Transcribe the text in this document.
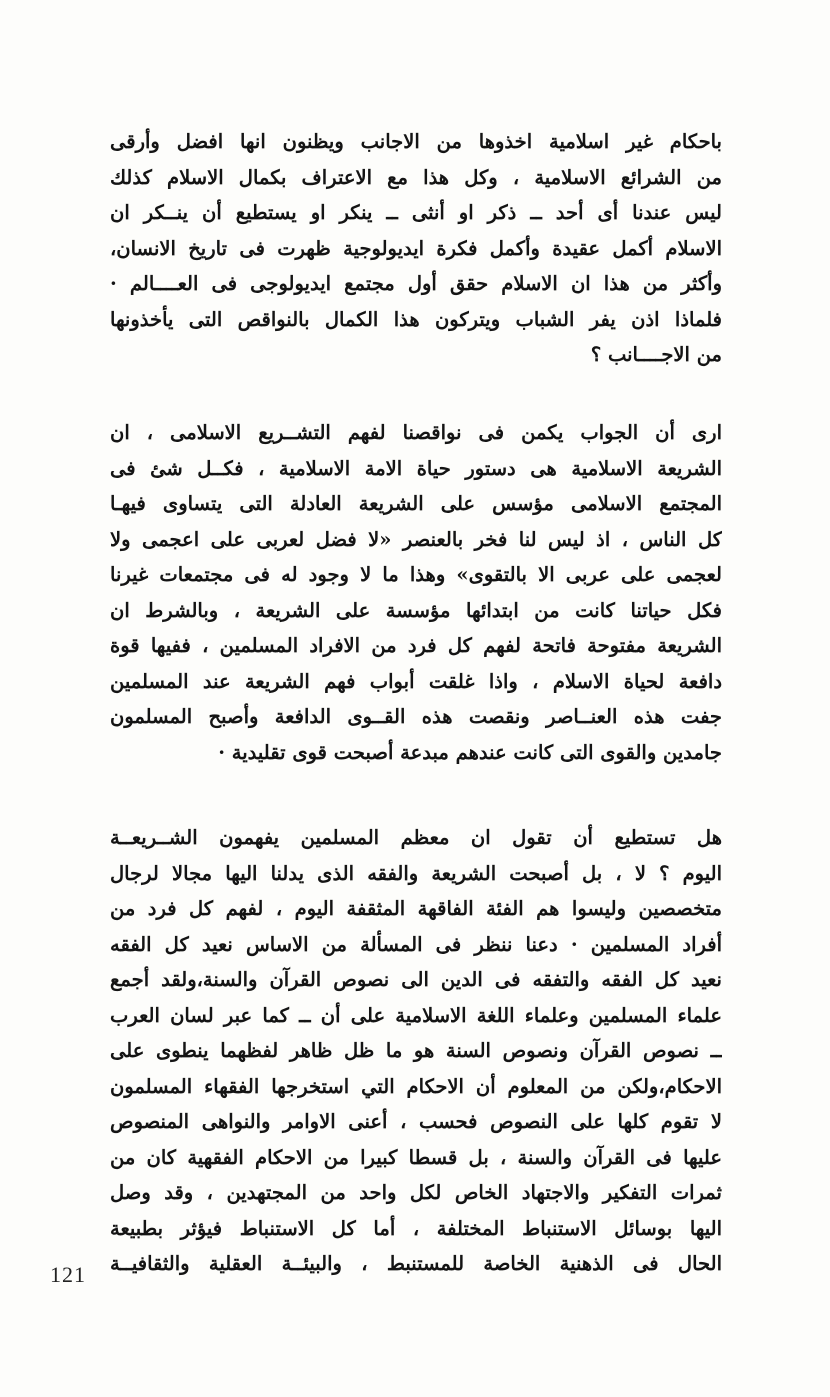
باحكام غير اسلامية اخذوها من الاجانب ويظنون انها افضل وأرقى
من الشرائع الاسلامية ، وكل هذا مع الاعتراف بكمال الاسلام كذلك
ليس عندنا أى أحد ــ ذكر او أنثى ــ ينكر او يستطيع أن ينــكر ان
الاسلام أكمل عقيدة وأكمل فكرة ايديولوجية ظهرت فى تاريخ الانسان،
وأكثر من هذا ان الاسلام حقق أول مجتمع ايديولوجى فى العــــالم ·
فلماذا اذن يفر الشباب ويتركون هذا الكمال بالنواقص التى يأخذونها
من الاجــــانب ؟
ارى أن الجواب يكمن فى نواقصنا لفهم التشــريع الاسلامى ، ان
الشريعة الاسلامية هى دستور حياة الامة الاسلامية ، فكــل شئ فى
المجتمع الاسلامى مؤسس على الشريعة العادلة التى يتساوى فيهـا
كل الناس ، اذ ليس لنا فخر بالعنصر «لا فضل لعربى على اعجمى ولا
لعجمى على عربى الا بالتقوى» وهذا ما لا وجود له فى مجتمعات غيرنا
فكل حياتنا كانت من ابتدائها مؤسسة على الشريعة ، وبالشرط ان
الشريعة مفتوحة فاتحة لفهم كل فرد من الافراد المسلمين ، ففيها قوة
دافعة لحياة الاسلام ، واذا غلقت أبواب فهم الشريعة عند المسلمين
جفت هذه العنــاصر ونقصت هذه القــوى الدافعة وأصبح المسلمون
جامدين والقوى التى كانت عندهم مبدعة أصبحت قوى تقليدية ·
هل تستطيع أن تقول ان معظم المسلمين يفهمون الشــريعــة
اليوم ؟ لا ، بل أصبحت الشريعة والفقه الذى يدلنا اليها مجالا لرجال
متخصصين وليسوا هم الفئة الفاقهة المثقفة اليوم ، لفهم كل فرد من
أفراد المسلمين · دعنا ننظر فى المسألة من الاساس نعيد كل الفقه
نعيد كل الفقه والتفقه فى الدين الى نصوص القرآن والسنة،ولقد أجمع
علماء المسلمين وعلماء اللغة الاسلامية على أن ــ كما عبر لسان العرب
ــ نصوص القرآن ونصوص السنة هو ما ظل ظاهر لفظهما ينطوى على
الاحكام،ولكن من المعلوم أن الاحكام التي استخرجها الفقهاء المسلمون
لا تقوم كلها على النصوص فحسب ، أعنى الاوامر والنواهى المنصوص
عليها فى القرآن والسنة ، بل قسطا كبيرا من الاحكام الفقهية كان من
ثمرات التفكير والاجتهاد الخاص لكل واحد من المجتهدين ، وقد وصل
اليها بوسائل الاستنباط المختلفة ، أما كل الاستنباط فيؤثر بطبيعة
الحال فى الذهنية الخاصة للمستنبط ، والبيئــة العقلية والثقافيــة
121
